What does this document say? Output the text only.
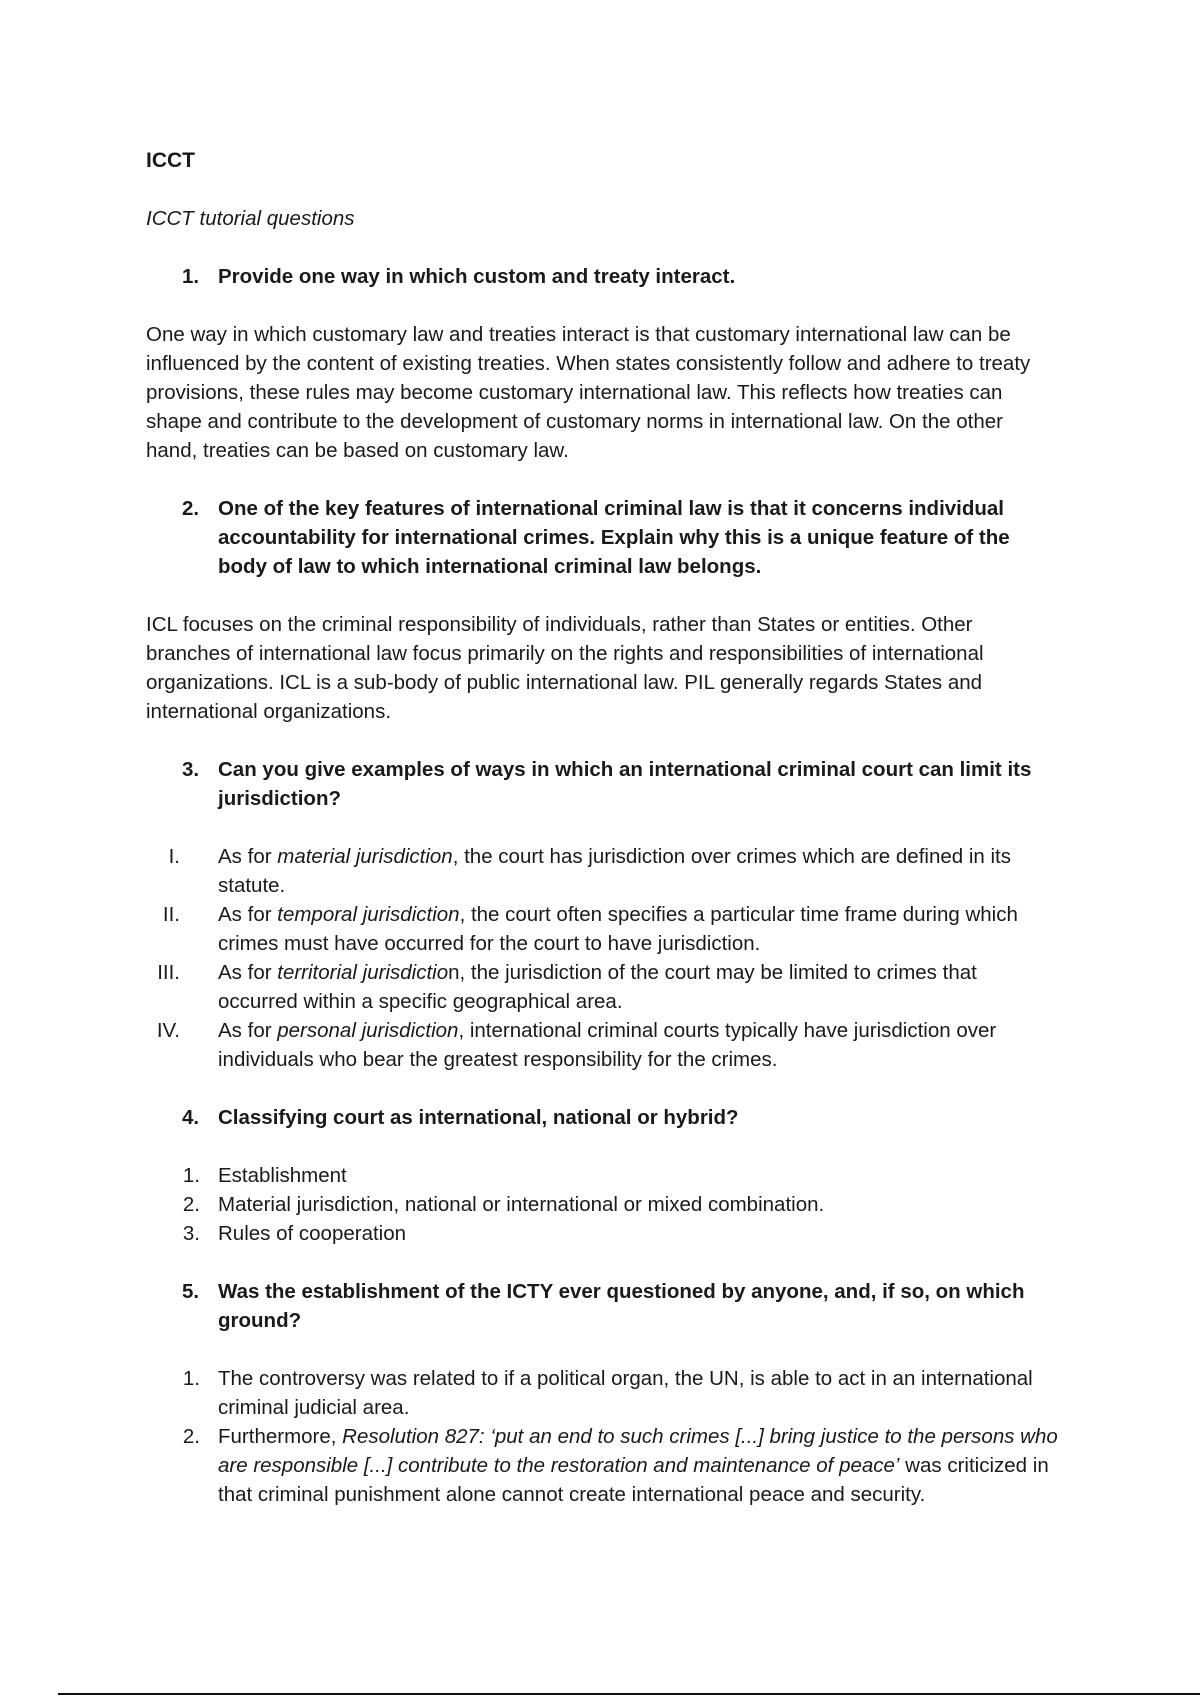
ICCT

ICCT tutorial questions

1. Provide one way in which custom and treaty interact.

One way in which customary law and treaties interact is that customary international law can be influenced by the content of existing treaties. When states consistently follow and adhere to treaty provisions, these rules may become customary international law. This reflects how treaties can shape and contribute to the development of customary norms in international law. On the other hand, treaties can be based on customary law.

2. One of the key features of international criminal law is that it concerns individual accountability for international crimes. Explain why this is a unique feature of the body of law to which international criminal law belongs.

ICL focuses on the criminal responsibility of individuals, rather than States or entities. Other branches of international law focus primarily on the rights and responsibilities of international organizations. ICL is a sub-body of public international law. PIL generally regards States and international organizations.

3. Can you give examples of ways in which an international criminal court can limit its jurisdiction?
I. As for material jurisdiction, the court has jurisdiction over crimes which are defined in its statute.
II. As for temporal jurisdiction, the court often specifies a particular time frame during which crimes must have occurred for the court to have jurisdiction.
III. As for territorial jurisdiction, the jurisdiction of the court may be limited to crimes that occurred within a specific geographical area.
IV. As for personal jurisdiction, international criminal courts typically have jurisdiction over individuals who bear the greatest responsibility for the crimes.
4. Classifying court as international, national or hybrid?
1. Establishment
2. Material jurisdiction, national or international or mixed combination.
3. Rules of cooperation
5. Was the establishment of the ICTY ever questioned by anyone, and, if so, on which ground?
1. The controversy was related to if a political organ, the UN, is able to act in an international criminal judicial area.
2. Furthermore, Resolution 827: ‘put an end to such crimes [...] bring justice to the persons who are responsible [...] contribute to the restoration and maintenance of peace’ was criticized in that criminal punishment alone cannot create international peace and security.
